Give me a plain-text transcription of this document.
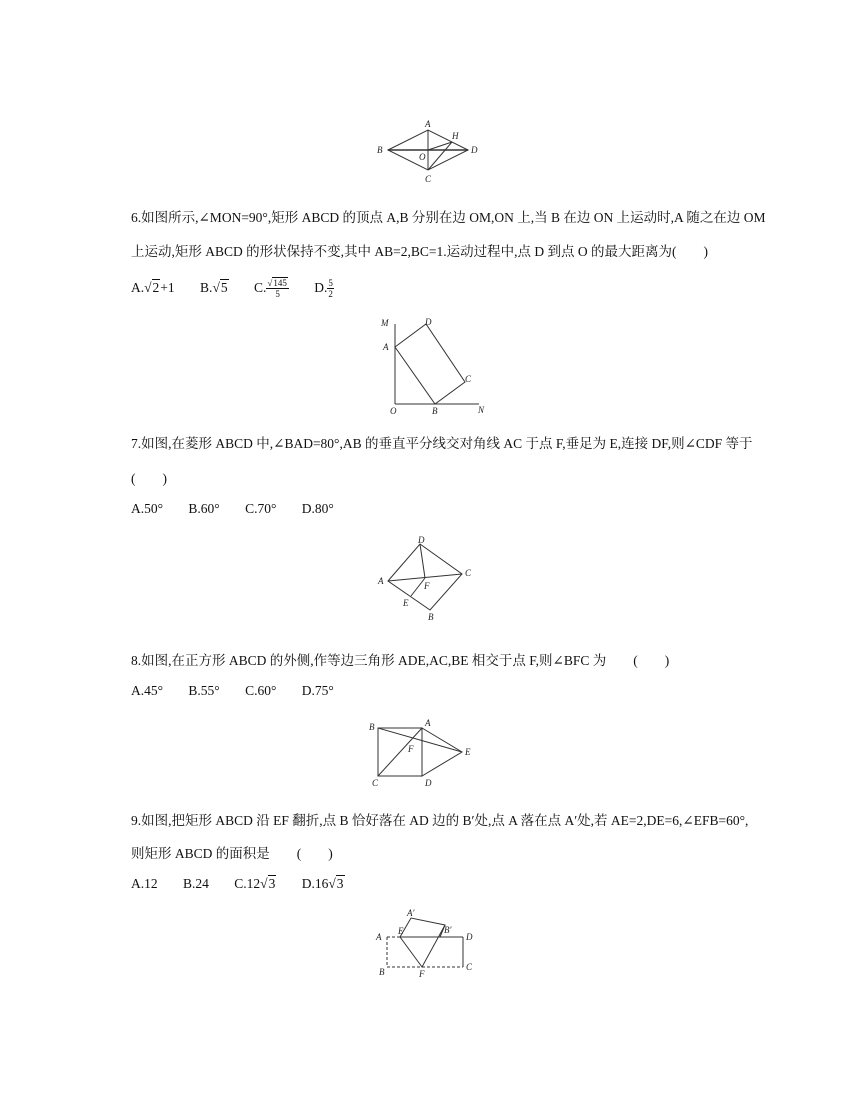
A
H
B
O
D
C
6.如图所示,∠MON=90°,矩形 ABCD 的顶点 A,B 分别在边 OM,ON 上,当 B 在边 ON 上运动时,A 随之在边 OM
上运动,矩形 ABCD 的形状保持不变,其中 AB=2,BC=1.运动过程中,点 D 到点 O 的最大距离为(　　)
A.√2+1 B.√5 C. $\frac{√145}{5} D$. $\frac{5}{2}$
M	D
A
C
O	B	N
7.如图,在菱形 ABCD 中,∠BAD=80°,AB 的垂直平分线交对角线 AC 于点 F,垂足为 E,连接 DF,则∠CDF 等于
(　　)
A.50° B.60° C.70° D.80°
D
C
A	F
E
B
8.如图,在正方形 ABCD 的外侧,作等边三角形 ADE,AC,BE 相交于点 F,则∠BFC 为　　(　　)
A.45° B.55° C.60° D.75°
B	A
F	E
C	D
9.如图,把矩形 ABCD 沿 EF 翻折,点 B 恰好落在 AD 边的 B′处,点 A 落在点 A′处,若 AE=2,DE=6,∠EFB=60°,
则矩形 ABCD 的面积是　　(　　)
A.12 B.24 C.12√3 D.16√3
A′
A
E	B′
D
B	F
C
